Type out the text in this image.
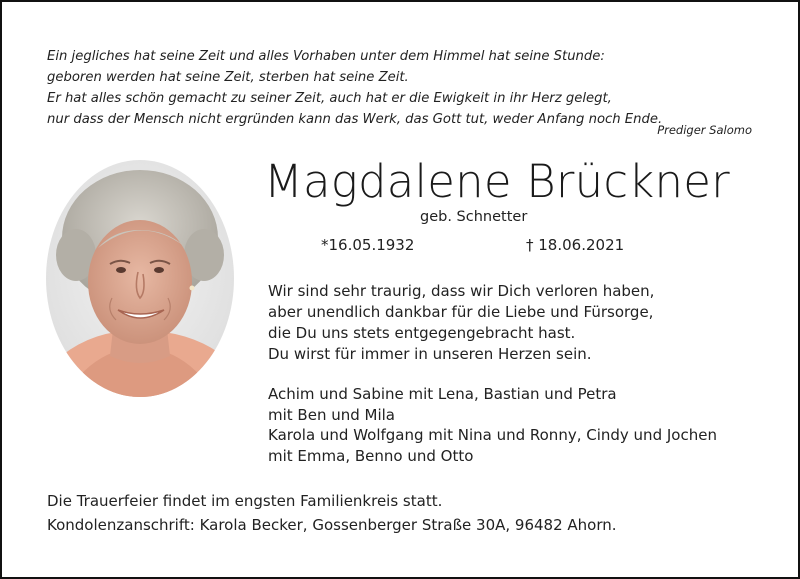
Ein jegliches hat seine Zeit und alles Vorhaben unter dem Himmel hat seine Stunde:
geboren werden hat seine Zeit, sterben hat seine Zeit.
Er hat alles schön gemacht zu seiner Zeit, auch hat er die Ewigkeit in ihr Herz gelegt,
nur dass der Mensch nicht ergründen kann das Werk, das Gott tut, weder Anfang noch Ende.
Prediger Salomo
Magdalene Brückner
geb. Schnetter
*16.05.1932	† 18.06.2021
Wir sind sehr traurig, dass wir Dich verloren haben,
aber unendlich dankbar für die Liebe und Fürsorge,
die Du uns stets entgegengebracht hast.
Du wirst für immer in unseren Herzen sein.
Achim und Sabine mit Lena, Bastian und Petra
mit Ben und Mila
Karola und Wolfgang mit Nina und Ronny, Cindy und Jochen
mit Emma, Benno und Otto
Die Trauerfeier findet im engsten Familienkreis statt.
Kondolenzanschrift: Karola Becker, Gossenberger Straße 30A, 96482 Ahorn.
